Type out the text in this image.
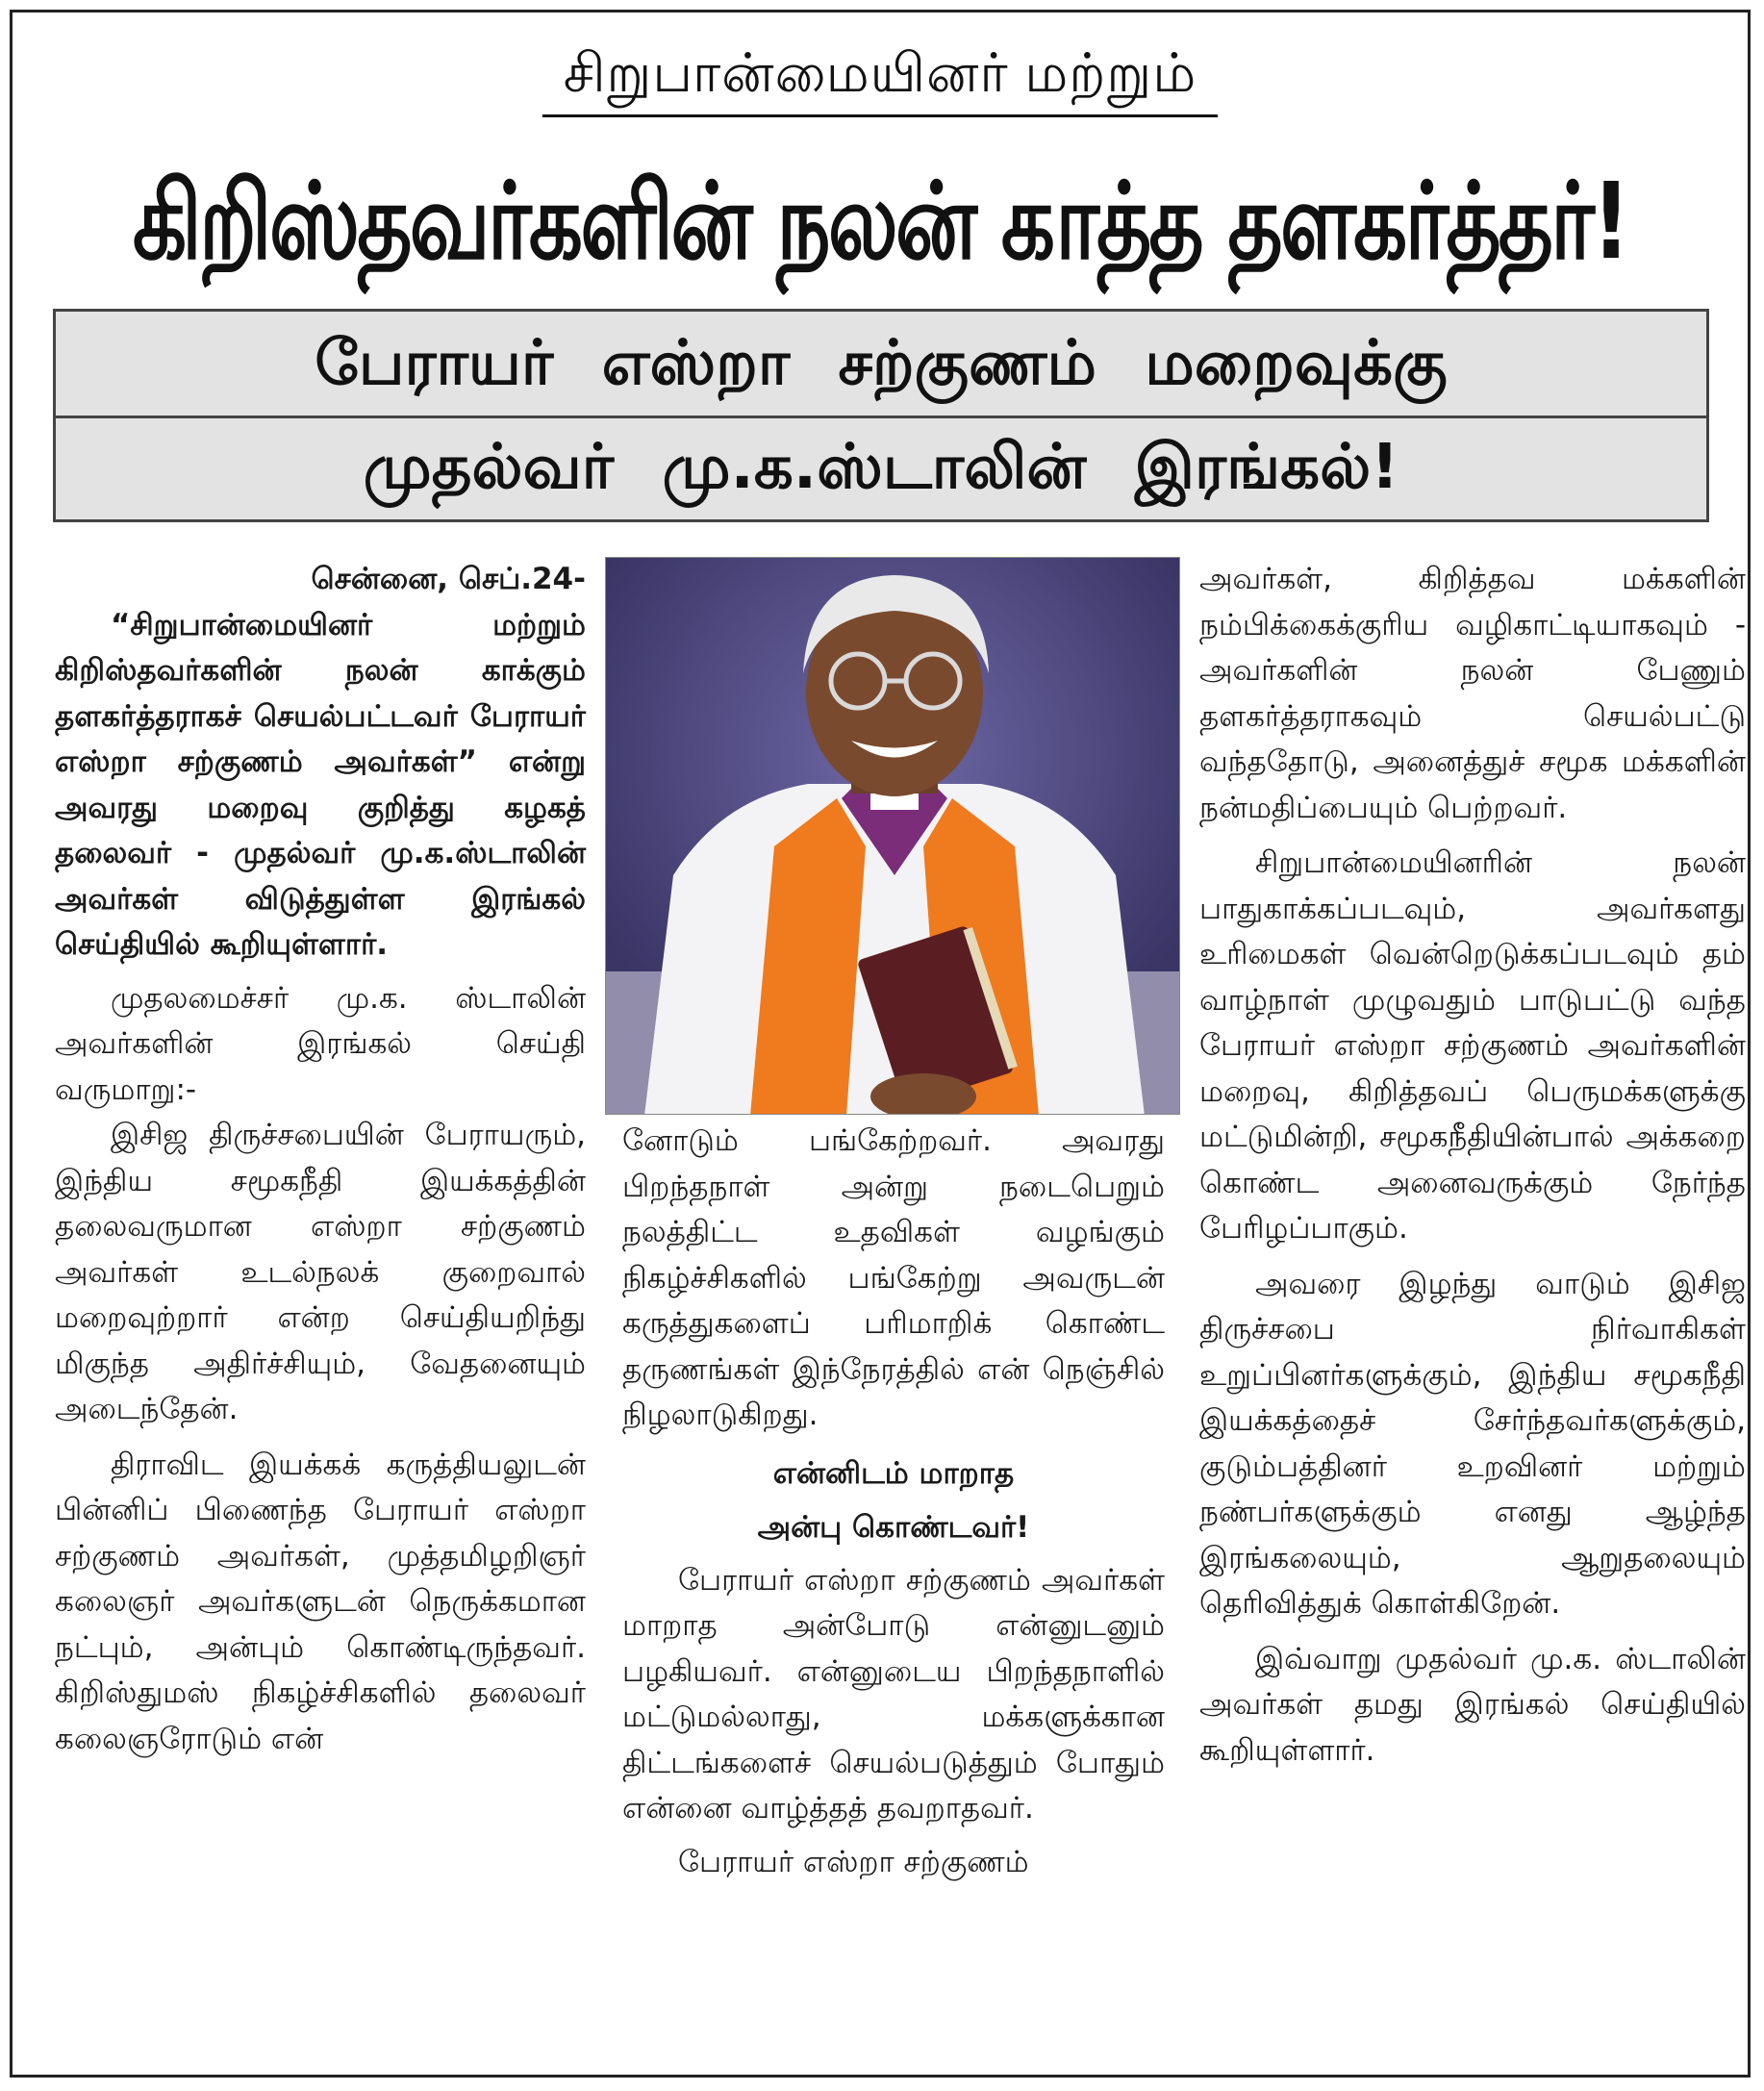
சிறுபான்மையினர் மற்றும்
கிறிஸ்தவர்களின் நலன் காத்த தளகர்த்தர்!
பேராயர் எஸ்றா சற்குணம் மறைவுக்கு
முதல்வர் மு.க.ஸ்டாலின் இரங்கல்!

சென்னை, செப்.24-

“சிறுபான்மையினர் மற்றும் கிறிஸ்தவர்களின் நலன் காக்கும் தளகர்த்தராகச் செயல்பட்டவர் பேராயர் எஸ்றா சற்குணம் அவர்கள்” என்று அவரது மறைவு குறித்து கழகத் தலைவர் - முதல்வர் மு.க.ஸ்டாலின் அவர்கள் விடுத்துள்ள இரங்கல் செய்தியில் கூறியுள்ளார்.

முதலமைச்சர் மு.க. ஸ்டாலின் அவர்களின் இரங்கல் செய்தி வருமாறு:-

இசிஜ திருச்சபையின் பேராயரும், இந்திய சமூகநீதி இயக்கத்தின் தலைவருமான எஸ்றா சற்குணம் அவர்கள் உடல்நலக் குறைவால் மறைவுற்றார் என்ற செய்தியறிந்து மிகுந்த அதிர்ச்சியும், வேதனையும் அடைந்தேன்.

திராவிட இயக்கக் கருத்தியலுடன் பின்னிப் பிணைந்த பேராயர் எஸ்றா சற்குணம் அவர்கள், முத்தமிழறிஞர் கலைஞர் அவர்களுடன் நெருக்கமான நட்பும், அன்பும் கொண்டிருந்தவர். கிறிஸ்துமஸ் நிகழ்ச்சிகளில் தலைவர் கலைஞரோடும் என்

னோடும் பங்கேற்றவர். அவரது பிறந்தநாள் அன்று நடைபெறும் நலத்திட்ட உதவிகள் வழங்கும் நிகழ்ச்சிகளில் பங்கேற்று அவருடன் கருத்துகளைப் பரிமாறிக் கொண்ட தருணங்கள் இந்நேரத்தில் என் நெஞ்சில் நிழலாடுகிறது.

என்னிடம் மாறாத
அன்பு கொண்டவர்!

பேராயர் எஸ்றா சற்குணம் அவர்கள் மாறாத அன்போடு என்னுடனும் பழகியவர். என்னுடைய பிறந்தநாளில் மட்டுமல்லாது, மக்களுக்கான திட்டங்களைச் செயல்படுத்தும் போதும் என்னை வாழ்த்தத் தவறாதவர்.

பேராயர் எஸ்றா சற்குணம்

அவர்கள், கிறித்தவ மக்களின் நம்பிக்கைக்குரிய வழிகாட்டியாகவும் - அவர்களின் நலன் பேணும் தளகர்த்தராகவும் செயல்பட்டு வந்ததோடு, அனைத்துச் சமூக மக்களின் நன்மதிப்பையும் பெற்றவர்.

சிறுபான்மையினரின் நலன் பாதுகாக்கப்படவும், அவர்களது உரிமைகள் வென்றெடுக்கப்படவும் தம் வாழ்நாள் முழுவதும் பாடுபட்டு வந்த பேராயர் எஸ்றா சற்குணம் அவர்களின் மறைவு, கிறித்தவப் பெருமக்களுக்கு மட்டுமின்றி, சமூகநீதியின்பால் அக்கறை கொண்ட அனைவருக்கும் நேர்ந்த பேரிழப்பாகும்.

அவரை இழந்து வாடும் இசிஜ திருச்சபை நிர்வாகிகள் உறுப்பினர்களுக்கும், இந்திய சமூகநீதி இயக்கத்தைச் சேர்ந்தவர்களுக்கும், குடும்பத்தினர் உறவினர் மற்றும் நண்பர்களுக்கும் எனது ஆழ்ந்த இரங்கலையும், ஆறுதலையும் தெரிவித்துக் கொள்கிறேன்.

இவ்வாறு முதல்வர் மு.க. ஸ்டாலின் அவர்கள் தமது இரங்கல் செய்தியில் கூறியுள்ளார்.
